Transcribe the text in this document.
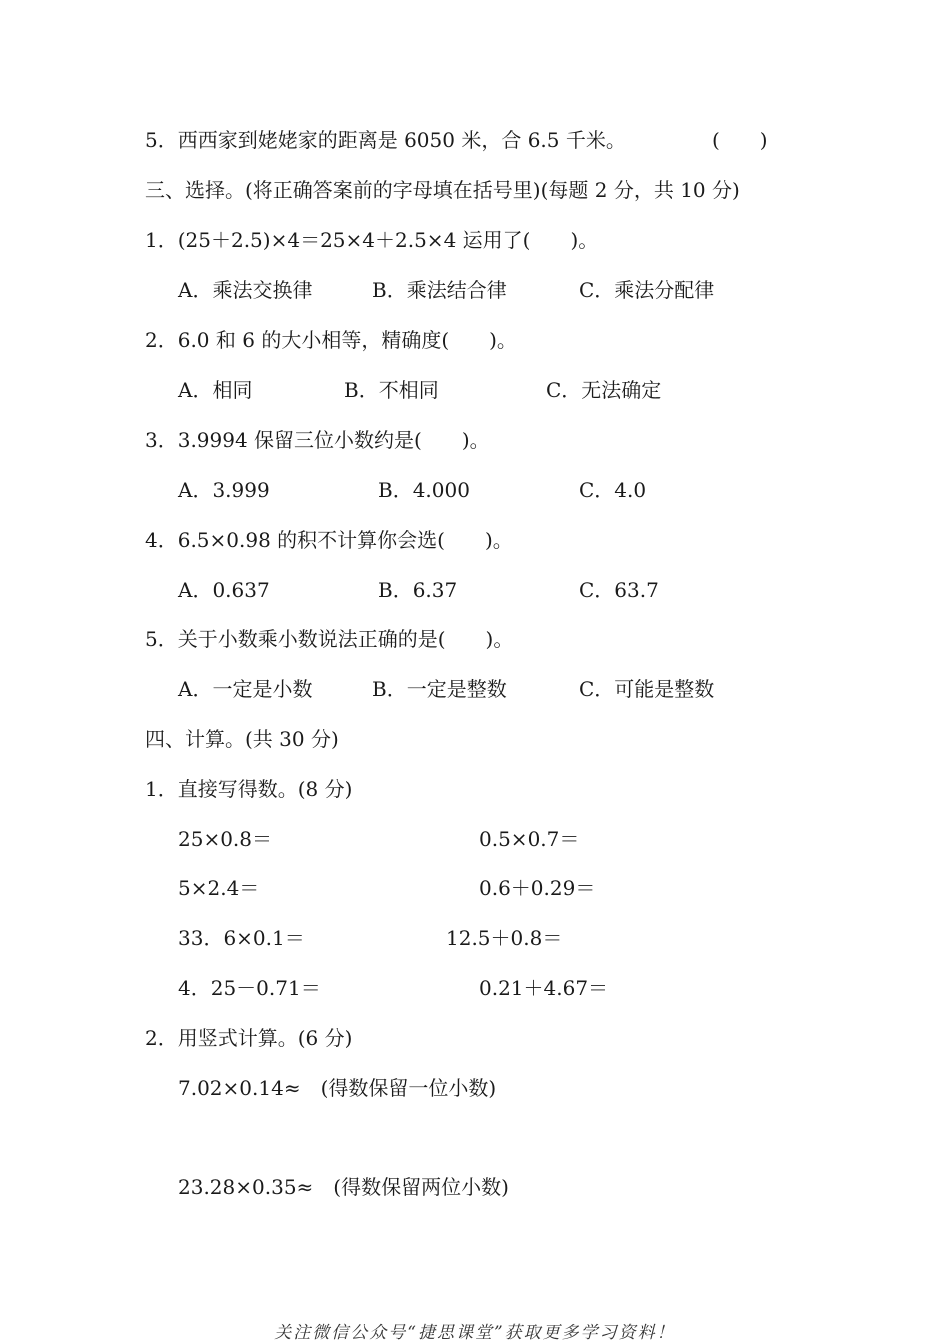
5．西西家到姥姥家的距离是 6050 米，合 6.5 千米。	(　　)
三、选择。(将正确答案前的字母填在括号里)(每题 2 分，共 10 分)
1．(25＋2.5)×4＝25×4＋2.5×4 运用了(　　)。
A．乘法交换律	B．乘法结合律	C．乘法分配律
2．6.0 和 6 的大小相等，精确度(　　)。
A．相同	B．不相同	C．无法确定
3．3.9994 保留三位小数约是(　　)。
A．3.999	B．4.000	C．4.0
4．6.5×0.98 的积不计算你会选(　　)。
A．0.637	B．6.37	C．63.7
5．关于小数乘小数说法正确的是(　　)。
A．一定是小数	B．一定是整数	C．可能是整数
四、计算。(共 30 分)
1．直接写得数。(8 分)
25×0.8＝	0.5×0.7＝
5×2.4＝	0.6＋0.29＝
33．6×0.1＝	12.5＋0.8＝
4．25－0.71＝	0.21＋4.67＝
2．用竖式计算。(6 分)
7.02×0.14≈　(得数保留一位小数)
23.28×0.35≈　(得数保留两位小数)
关注微信公众号“捷思课堂”获取更多学习资料！
